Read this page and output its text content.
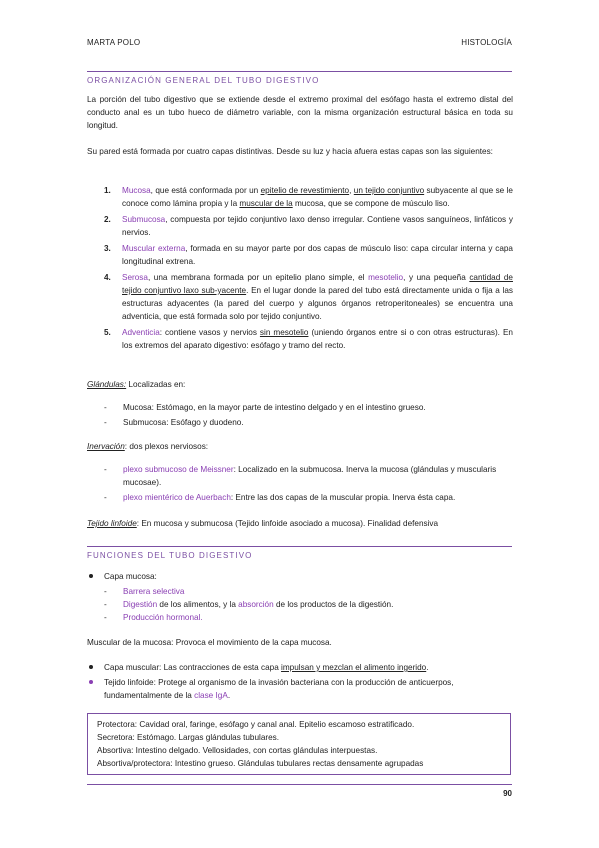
MARTA POLO	HISTOLOGÍA
ORGANIZACIÓN GENERAL DEL TUBO DIGESTIVO
La porción del tubo digestivo que se extiende desde el extremo proximal del esófago hasta el extremo distal del conducto anal es un tubo hueco de diámetro variable, con la misma organización estructural básica en toda su longitud.
Su pared está formada por cuatro capas distintivas. Desde su luz y hacia afuera estas capas son las siguientes:
1. Mucosa, que está conformada por un epitelio de revestimiento, un tejido conjuntivo subyacente al que se le conoce como lámina propia y la muscular de la mucosa, que se compone de músculo liso.
2. Submucosa, compuesta por tejido conjuntivo laxo denso irregular. Contiene vasos sanguíneos, linfáticos y nervios.
3. Muscular externa, formada en su mayor parte por dos capas de músculo liso: capa circular interna y capa longitudinal extrena.
4. Serosa, una membrana formada por un epitelio plano simple, el mesotelio, y una pequeña cantidad de tejido conjuntivo laxo sub-yacente. En el lugar donde la pared del tubo está directamente unida o fija a las estructuras adyacentes (la pared del cuerpo y algunos órganos retroperitoneales) se encuentra una adventicia, que está formada solo por tejido conjuntivo.
5. Adventicia: contiene vasos y nervios sin mesotelio (uniendo órganos entre si o con otras estructuras). En los extremos del aparato digestivo: esófago y tramo del recto.
Glándulas: Localizadas en:
- Mucosa: Estómago, en la mayor parte de intestino delgado y en el intestino grueso.
- Submucosa: Esófago y duodeno.
Inervación: dos plexos nerviosos:
- plexo submucoso de Meissner: Localizado en la submucosa. Inerva la mucosa (glándulas y muscularis mucosae).
- plexo mientérico de Auerbach: Entre las dos capas de la muscular propia. Inerva ésta capa.
Tejido linfoide: En mucosa y submucosa (Tejido linfoide asociado a mucosa). Finalidad defensiva
FUNCIONES DEL TUBO DIGESTIVO
Capa mucosa:
- Barrera selectiva
- Digestión de los alimentos, y la absorción de los productos de la digestión.
- Producción hormonal.
Muscular de la mucosa: Provoca el movimiento de la capa mucosa.
Capa muscular: Las contracciones de esta capa impulsan y mezclan el alimento ingerido.
Tejido linfoide: Protege al organismo de la invasión bacteriana con la producción de anticuerpos, fundamentalmente de la clase IgA.
Protectora: Cavidad oral, faringe, esófago y canal anal. Epitelio escamoso estratificado.
Secretora: Estómago. Largas glándulas tubulares.
Absortiva: Intestino delgado. Vellosidades, con cortas glándulas interpuestas.
Absortiva/protectora: Intestino grueso. Glándulas tubulares rectas densamente agrupadas
90
